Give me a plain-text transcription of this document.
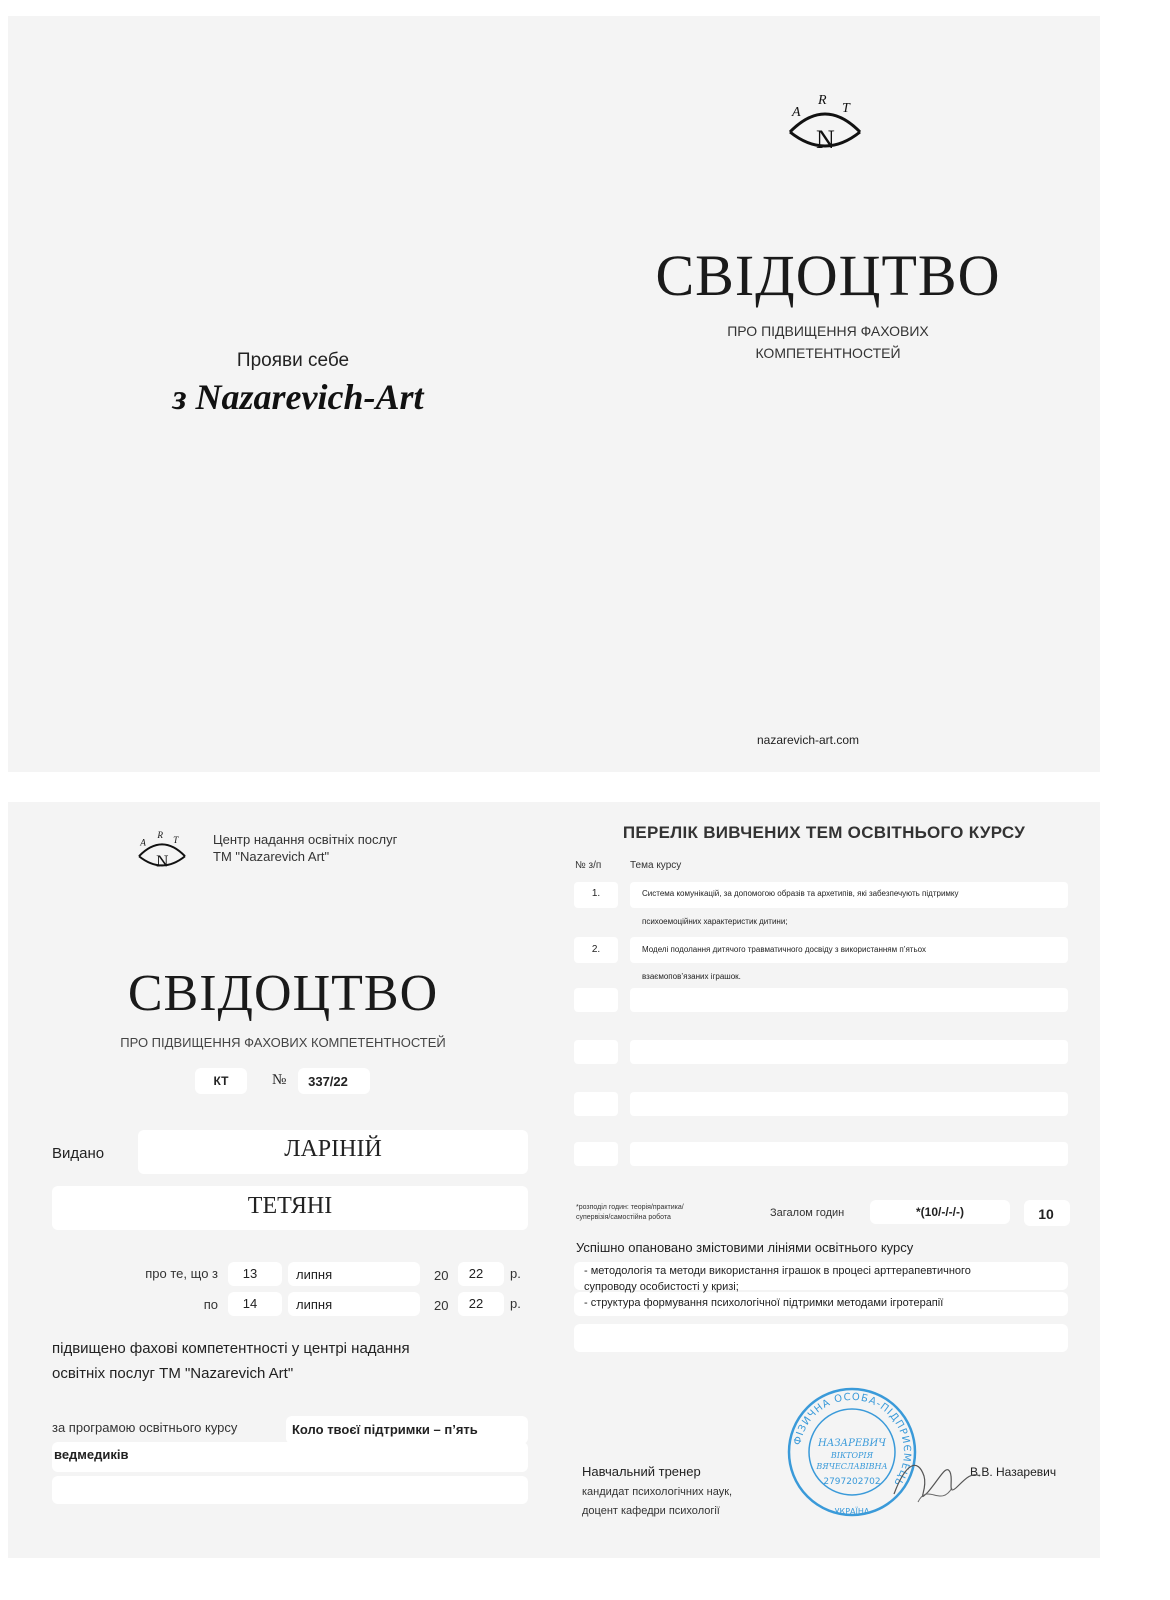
N
A
R
T
СВІДОЦТВО
ПРО ПІДВИЩЕННЯ ФАХОВИХ
КОМПЕТЕНТНОСТЕЙ
Прояви себе
з Nazarevich-Art
nazarevich-art.com
N
A
R
T	Центр надання освітніх послуг
ТМ "Nazarevich Art"
СВІДОЦТВО
ПРО ПІДВИЩЕННЯ ФАХОВИХ КОМПЕТЕНТНОСТЕЙ
КТ	№	337/22
Видано	ЛАРІНІЙ
ТЕТЯНІ
про те, що з	13	липня	20	22	р.
по	14	липня	20	22	р.
підвищено фахові компетентності у центрі надання
освітніх послуг ТМ "Nazarevich Art"
за програмою освітнього курсу	Коло твоєї підтримки – п’ять
ведмедиків
ПЕРЕЛІК ВИВЧЕНИХ ТЕМ ОСВІТНЬОГО КУРСУ
№ з/п	Тема курсу
1.	Система комунікацій, за допомогою образів та архетипів, які забезпечують підтримку
психоемоційних характеристик дитини;
2.	Моделі подолання дитячого травматичного досвіду з використанням п’ятьох
взаємопов’язаних іграшок.
*розподіл годин: теорія/практика/
супервізія/самостійна робота	Загалом годин	*(10/-/-/-)	10
Успішно опановано змістовими лініями освітнього курсу
- методологія та методи використання іграшок в процесі арттерапевтичного
супроводу особистості у кризі;
- структура формування психологічної підтримки методами ігротерапії
Навчальний тренер
кандидат психологічних наук,
доцент кафедри психології
В.В. Назаревич
ФІЗИЧНА ОСОБА-ПІДПРИЄМЕЦЬ
УКРАЇНА
НАЗАРЕВИЧ
ВІКТОРІЯ
ВЯЧЕСЛАВІВНА
2797202702
